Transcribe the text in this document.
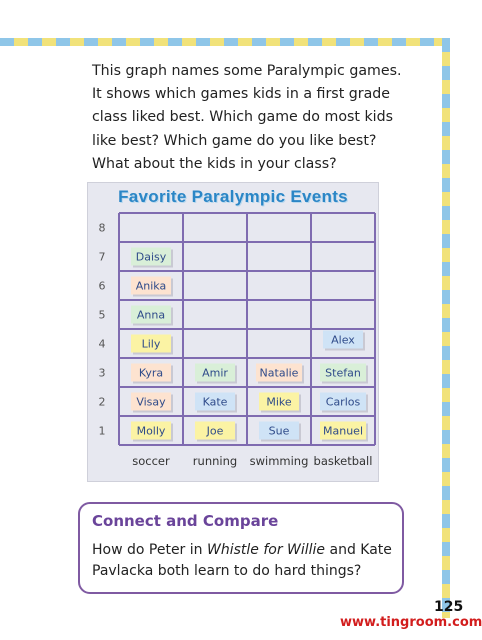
This graph names some Paralympic games. It shows which games kids in a first grade class liked best. Which game do most kids like best? Which game do you like best? What about the kids in your class?

Favorite Paralympic Events
1
2
3
4
5
6
7
8
soccer running swimming basketball
Molly
Visay
Kyra
Lily
Anna
Anika
Daisy
Joe
Kate
Amir
Sue
Mike
Natalie
Manuel
Carlos
Stefan
Alex
Connect and Compare
How do Peter in Whistle for Willie and Kate Pavlacka both learn to do hard things?
125
www.tingroom.com
